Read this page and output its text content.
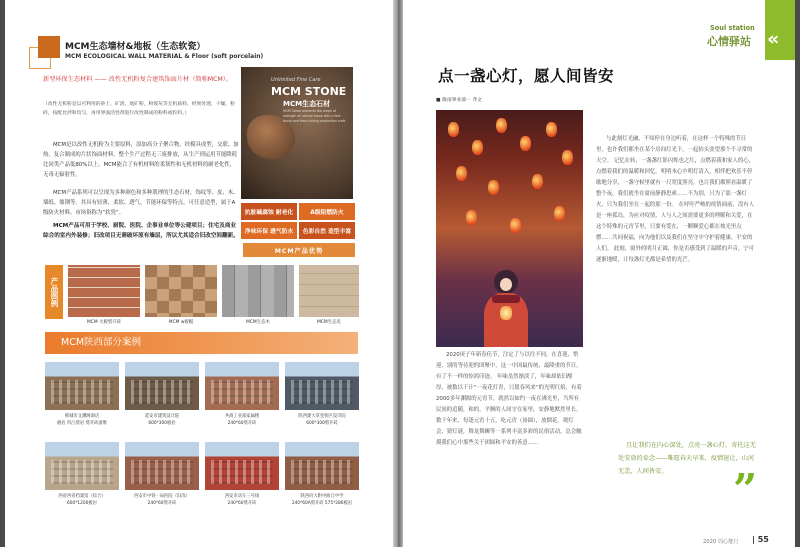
MCM生态墙材&地板（生态软瓷）
MCM ECOLOGICAL WALL MATERIAL & Floor (soft porcelain)
新型环保生态材料 —— 改性无机粉复合建筑饰面片材（简称MCM）。
（改性无机粉是以可利用的砂土、矿渣、尾矿粉，粉煤灰等无机质料，经预处理，干燥，粉碎，按配比拌和均匀，再用界面活性剂进行改性制成的粉料或粒料。）
MCM是以改性无机粉为主要原料，添加高分子聚合物，经模具成型，交联、加热，复合制成的片状饰面材料。整个生产过程无三废排放，从生产到运用节能降耗比同类产品低80%以上。MCM能合了有机材料的柔韧性和无机材料的耐老化性，无毒无辐射性。
MCM产品系列可以呈现为多种颜色和多种肌理的生态石材，饰纹等、皮、木、墙纸、鼎钢等。其具有轻薄、柔软、透气、节能环保等特点，可任意造型，属于A级防火材料。市场俗称为“软瓷”。
MCM产品可用于学校、厨院、医院、企事业单位等公建项目；住宅及商业综合的室内外装修；旧改项目无需破坏原有墙层，所以尤其适合旧改空间翻新。
Unlimited Fine Care
MCM STONE
MCM生态石材
MCM Stone presents the origin of strength of natural stone with a fine touch and free-cutting production craft.
抗脏碱腐蚀 耐老化	A级阻燃防火
净味环保 透气防水 色彩自然 造型丰富
MCM产品优势
产品图例
MCM 大板劈开砖	MCM w板幅	MCM生态木	MCM生态皮
MCM陕西部分案例
韩城市文渊阁酒店
板岩 凹凸劈岩 劈开砖流堆
延安市建筑设计院
600*300板岩
共商工业部家属楼
240*60劈开砖
陕西建大草堂校区设市院
600*300劈开砖
西府西省档案馆（综合）
600*1200板岩
西安市中铁一局医院（旧改）
240*60劈开砖
西安市动车三号线
240*60劈开砖
陕西府大附中曲江中学
240*60A劈开砖 575*286板岩
«
Soul station
心情驿站
点一盏心灯，愿人间皆安
■ 陇南事业部一 齐文
2020庚子年新春佳节，注定了与以往不同，在喜迎、惜迎、别的等待迎的团聚中，这一中国最传统、最隆重的节日，有了不一样的惊鸿印迹。 年味虽然渐淡了，年味却依旧醇厚，被数以千计“一夜花灯青，只愿春风来”的光明红焰，有着2000多年渊源的元宵节，就然以如约一夜在沸光里，当所有民间的追随，和的，平腾的人间守在家里，安静地默然里长。 数千年来，每逢元宵十五，吃元宵（汤圆），放烟花，观灯会，猜灯谜，舞龙舞狮等一系列丰富多彩的民俗活动，总会触摸我们心中那些关于团圆和平安的善意……
与此刻灯光融，不知停在身边听着，在这样一个特殊的节日里，也许我们都坐在某个房间灯光下，一起抬头张望那个不寻常的天空。 记忆在转，一盏盏红影闪烁也之红，点燃着我和家人的心，点燃着我们的温暖和回忆。明明本心中明灯清入，相伴把欢乐不停歇地分享，一盏守候里就有一尺宽度照亮，也让我们都照看温暖了整个夜，我们就坐在窗前静静思索……不为别，只为了那一盏灯火，只为我们坐在一起的那一份。 在呼吁严峻的疫情面前，没有人是一座孤岛，为应对疫情，人与人之间需要更多的理解和关爱，在这个特殊的元宵节里，只要有爱在，一颗颗爱心都在烛光里点燃……共同祝福，向为他们以及我们在坚守中守护着健康、平安的人们。 此刻，窗外的明月正圆，你是否感受到了温暖的声音，宁可逐渐地暖，让每盏灯光都是希望的光芒。
且让我们在内心深处，点亮一盏心灯，寄托这无处安放的牵念——唯愿春天早来，疫情退让，山河无恙，人间皆安。	”
2020 周心能行 | 55
